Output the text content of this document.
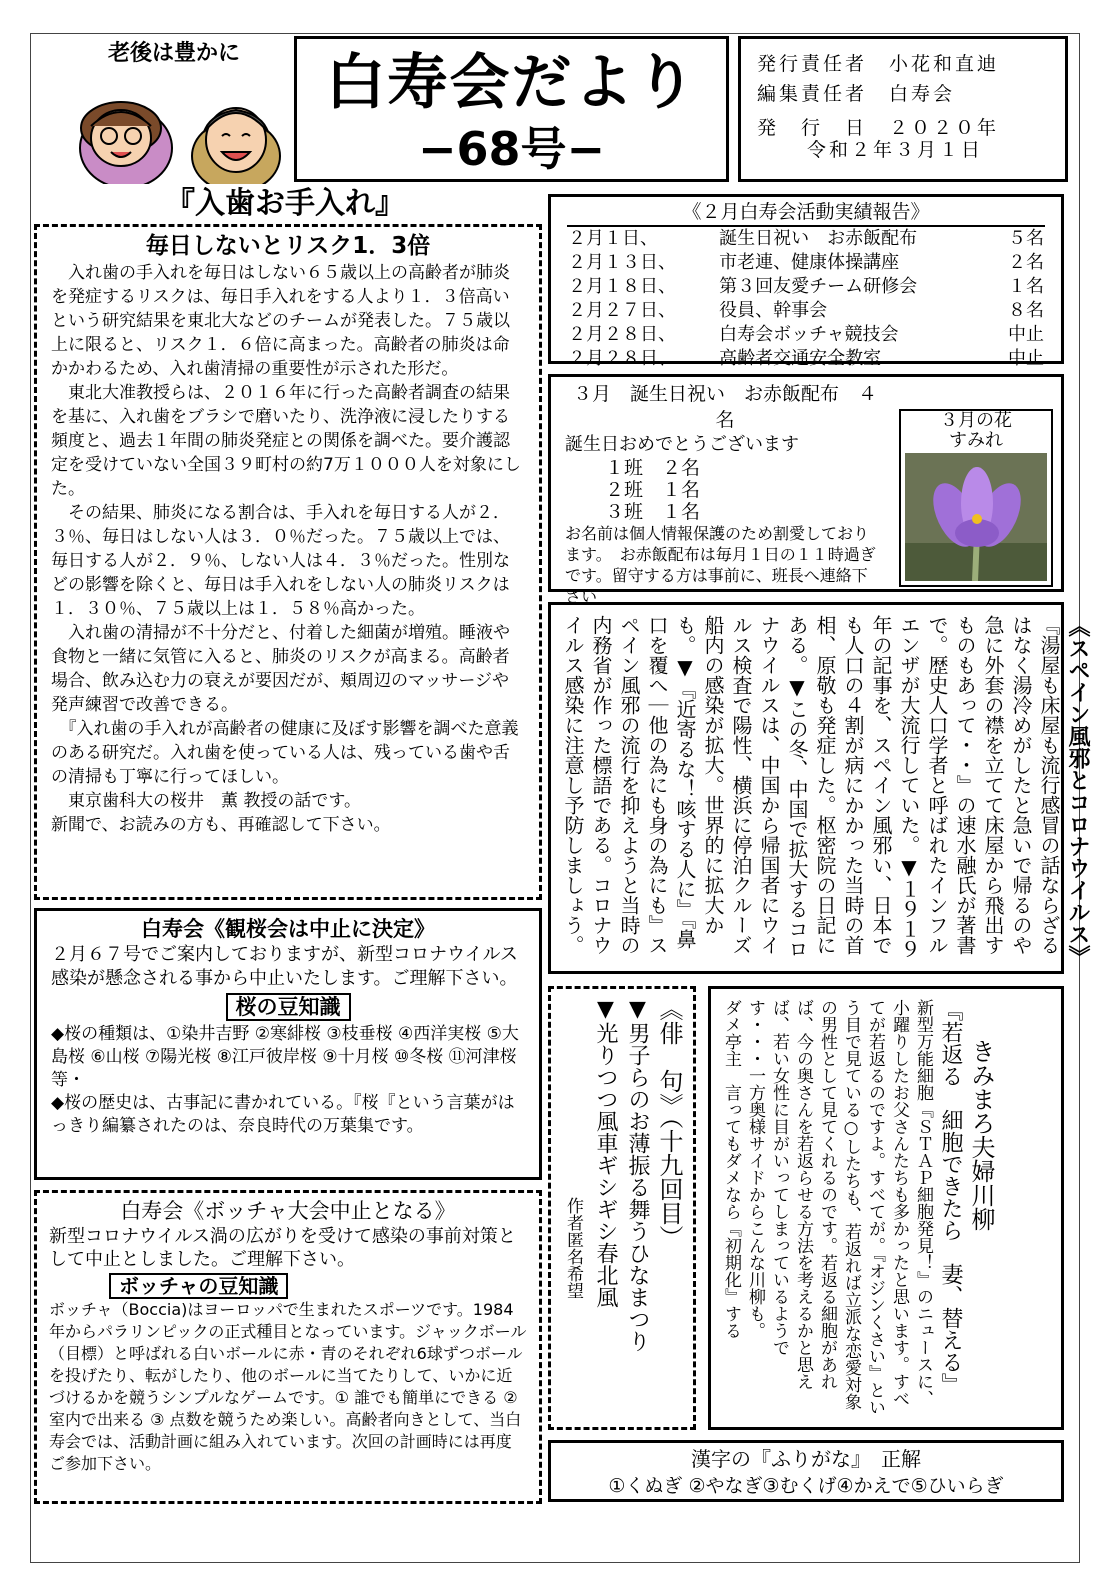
老後は豊かに	白寿会だより
−68号−
発行責任者　 小花和直迪
編集責任者　 白寿会
発　行　日　 ２０２０年
令和２年３月１日
『入歯お手入れ』
毎日しないとリスク1．3倍

　入れ歯の手入れを毎日はしない６５歳以上の高齢者が肺炎を発症するリスクは、毎日手入れをする人より１．３倍高いという研究結果を東北大などのチームが発表した。７５歳以上に限ると、リスク１．６倍に高まった。高齢者の肺炎は命かかわるため、入れ歯清掃の重要性が示された形だ。

　東北大准教授らは、２０１６年に行った高齢者調査の結果を基に、入れ歯をブラシで磨いたり、洗浄液に浸したりする頻度と、過去１年間の肺炎発症との関係を調べた。要介護認定を受けていない全国３９町村の約7万１０００人を対象にした。

　その結果、肺炎になる割合は、手入れを毎日する人が２．３％、毎日はしない人は３．０％だった。７５歳以上では、毎日する人が２．９％、しない人は４．３％だった。性別などの影響を除くと、毎日は手入れをしない人の肺炎リスクは１．３０％、７５歳以上は１．５８％高かった。

　入れ歯の清掃が不十分だと、付着した細菌が増殖。睡液や食物と一緒に気管に入ると、肺炎のリスクが高まる。高齢者場合、飲み込む力の衰えが要因だが、頬周辺のマッサージや発声練習で改善できる。

　『入れ歯の手入れが高齢者の健康に及ぼす影響を調べた意義のある研究だ。入れ歯を使っている人は、残っている歯や舌の清掃も丁寧に行ってほしい。

　東京歯科大の桜井　薫 教授の話です。

新聞で、お読みの方も、再確認して下さい。

《２月白寿会活動実績報告》
２月１日、	誕生日祝い　お赤飯配布	５名
２月１３日、	市老連、健康体操講座	２名
２月１８日、	第３回友愛チーム研修会	１名
２月２７日、	役員、幹事会	８名
２月２８日、	白寿会ボッチャ競技会	中止
２月２８日、	高齢者交通安全教室	中止
３月　誕生日祝い　お赤飯配布　４名
誕生日おめでとうございます
１班　 ２名
２班　 １名
３班　 １名
お名前は個人情報保護のため割愛しております。　お赤飯配布は毎月１日の１１時過ぎです。留守する方は事前に、班長へ連絡下さい
３月の花
すみれ
《スペイン風邪とコロナウイルス》『湯屋も床屋も流行感冒の話ならざるはなく湯冷めがしたと急いで帰るのや急に外套の襟を立てて床屋から飛出すものもあって・・』の速水融氏が著書で。歴史人口学者と呼ばれたインフルエンザが大流行していた。▼１９１９年の記事を、スペイン風邪い、日本でも人口の４割が病にかかった当時の首相、原敬も発症した。枢密院の日記にある。▼この冬、中国で拡大するコロナウイルスは、中国から帰国者にウイルス検査で陽性、横浜に停泊クルーズ船内の感染が拡大。世界的に拡大かも。▼『近寄るな！咳する人に』『鼻口を覆へ｜他の為にも身の為にも』スペイン風邪の流行を抑えようと当時の内務省が作った標語である。コロナウイルス感染に注意し予防しましょう。
白寿会《観桜会は中止に決定》

２月６７号でご案内しておりますが、新型コロナウイルス感染が懸念される事から中止いたします。ご理解下さい。

桜の豆知識

◆桜の種類は、①染井吉野 ②寒緋桜 ③枝垂桜 ④西洋実桜 ⑤大島桜 ⑥山桜 ⑦陽光桜 ⑧江戸彼岸桜 ⑨十月桜 ⑩冬桜 ⑪河津桜等・

◆桜の歴史は、古事記に書かれている。『桜『という言葉がはっきり編纂されたのは、奈良時代の万葉集です。

白寿会《ボッチャ大会中止となる》

新型コロナウイルス渦の広がりを受けて感染の事前対策として中止としました。ご理解下さい。

ボッチャの豆知識

ボッチャ（Boccia)はヨーロッパで生まれたスポーツです。1984年からパラリンピックの正式種目となっています。ジャックボール（目標）と呼ばれる白いボールに赤・青のそれぞれ6球ずつボールを投げたり、転がしたり、他のボールに当てたりして、いかに近づけるかを競うシンプルなゲームです。① 誰でも簡単にできる ② 室内で出来る ③ 点数を競うため楽しい。高齢者向きとして、当白寿会では、活動計画に組み入れています。次回の計画時には再度ご参加下さい。

《俳　句》（十九回目）
▼男子らのお薄振る舞うひなまつり
▼光りつつ風車ギシギシ春北風
作者匿名希望
きみまろ夫婦川柳
『若返る　細胞できたら　妻、替える』
新型万能細胞『ＳＴＡＰ細胞発見！』のニュースに、小躍りしたお父さんたちも多かったと思います。すべてが若返るのですよ。すべてが。『オジンくさい』という目で見ている○したちも、若返れば立派な恋愛対象の男性として見てくれるのです。若返る細胞があれば、今の奥さんを若返らせる方法を考えるかと思えば、若い女性に目がいってしまっているようです・・・一方奥様サイドからこんな川柳も。
ダメ亭主　言ってもダメなら『初期化』する
漢字の『ふりがな』　正解
①くぬぎ ②やなぎ③むくげ④かえで⑤ひいらぎ
